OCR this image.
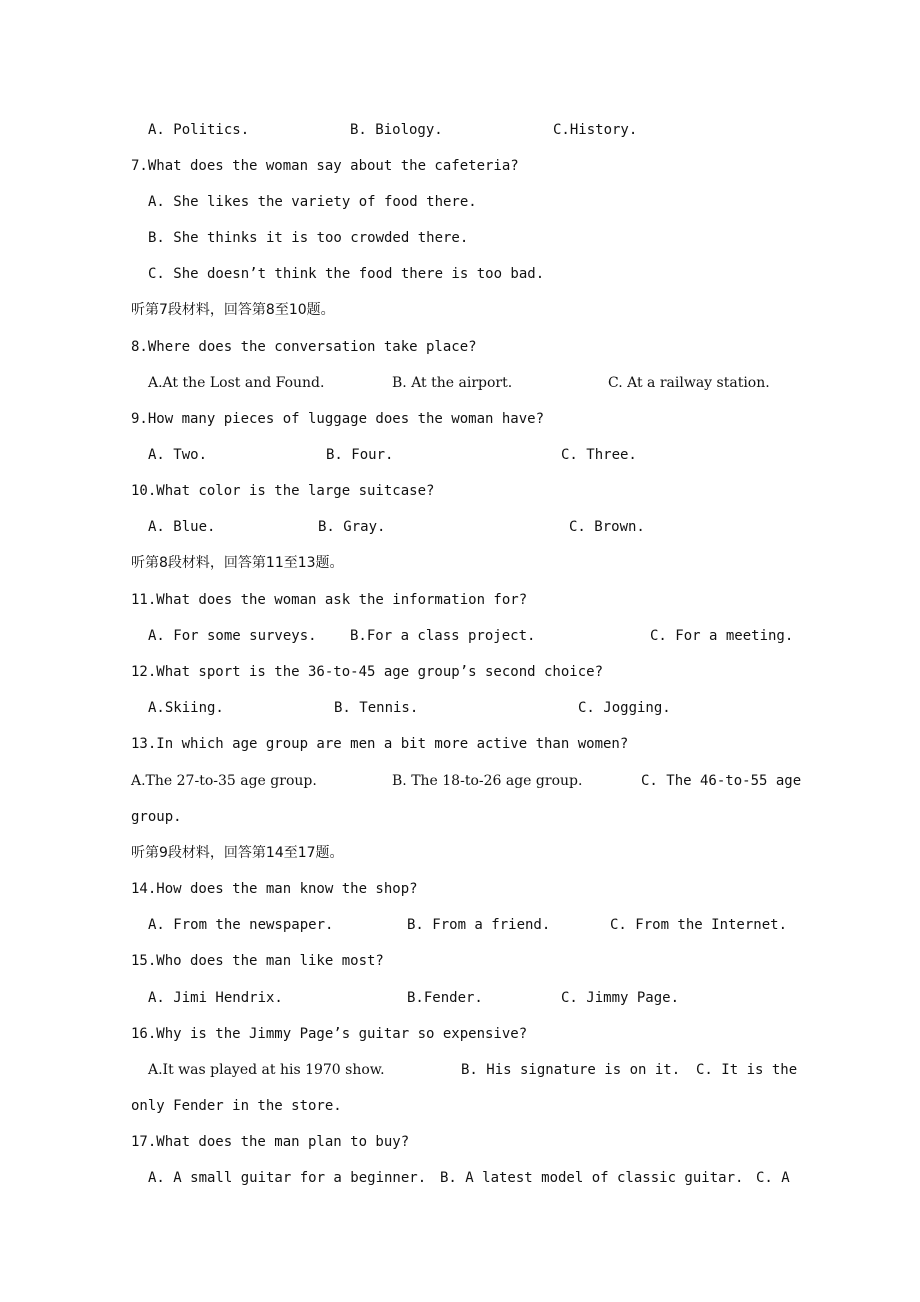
A. Politics.

	B. Biology.

	C.History.

7.What does the woman say about the cafeteria?

A. She likes the variety of food there.

B. She thinks it is too crowded there.

C. She doesn’t think the food there is too bad.

听第7段材料，回答第8至10题。

8.Where does the conversation take place?

A.At the Lost and Found.

	B. At the airport.

	C. At a railway station.

9.How many pieces of luggage does the woman have?

A. Two.

	B. Four.

	C. Three.

10.What color is the large suitcase?

A. Blue.

	B. Gray.

	C. Brown.

听第8段材料，回答第11至13题。

11.What does the woman ask the information for?

A. For some surveys.

B.For a class project.

	C. For a meeting.

12.What sport is the 36-to-45 age group’s second choice?

A.Skiing.

	B. Tennis.

	C. Jogging.

13.In which age group are men a bit more active than women?

A.The 27-to-35 age group.

	B. The 18-to-26 age group.

	C. The 46-to-55 age

group.

听第9段材料，回答第14至17题。

14.How does the man know the shop?

A. From the newspaper.

	B. From a friend.

	C. From the Internet.

15.Who does the man like most?

A. Jimi Hendrix.

	B.Fender.

	C. Jimmy Page.

16.Why is the Jimmy Page’s guitar so expensive?

A.It was played at his 1970 show.

	B. His signature is on it.

C. It is the

only Fender in the store.

17.What does the man plan to buy?

A. A small guitar for a beginner.

B. A latest model of classic guitar.

C. A
